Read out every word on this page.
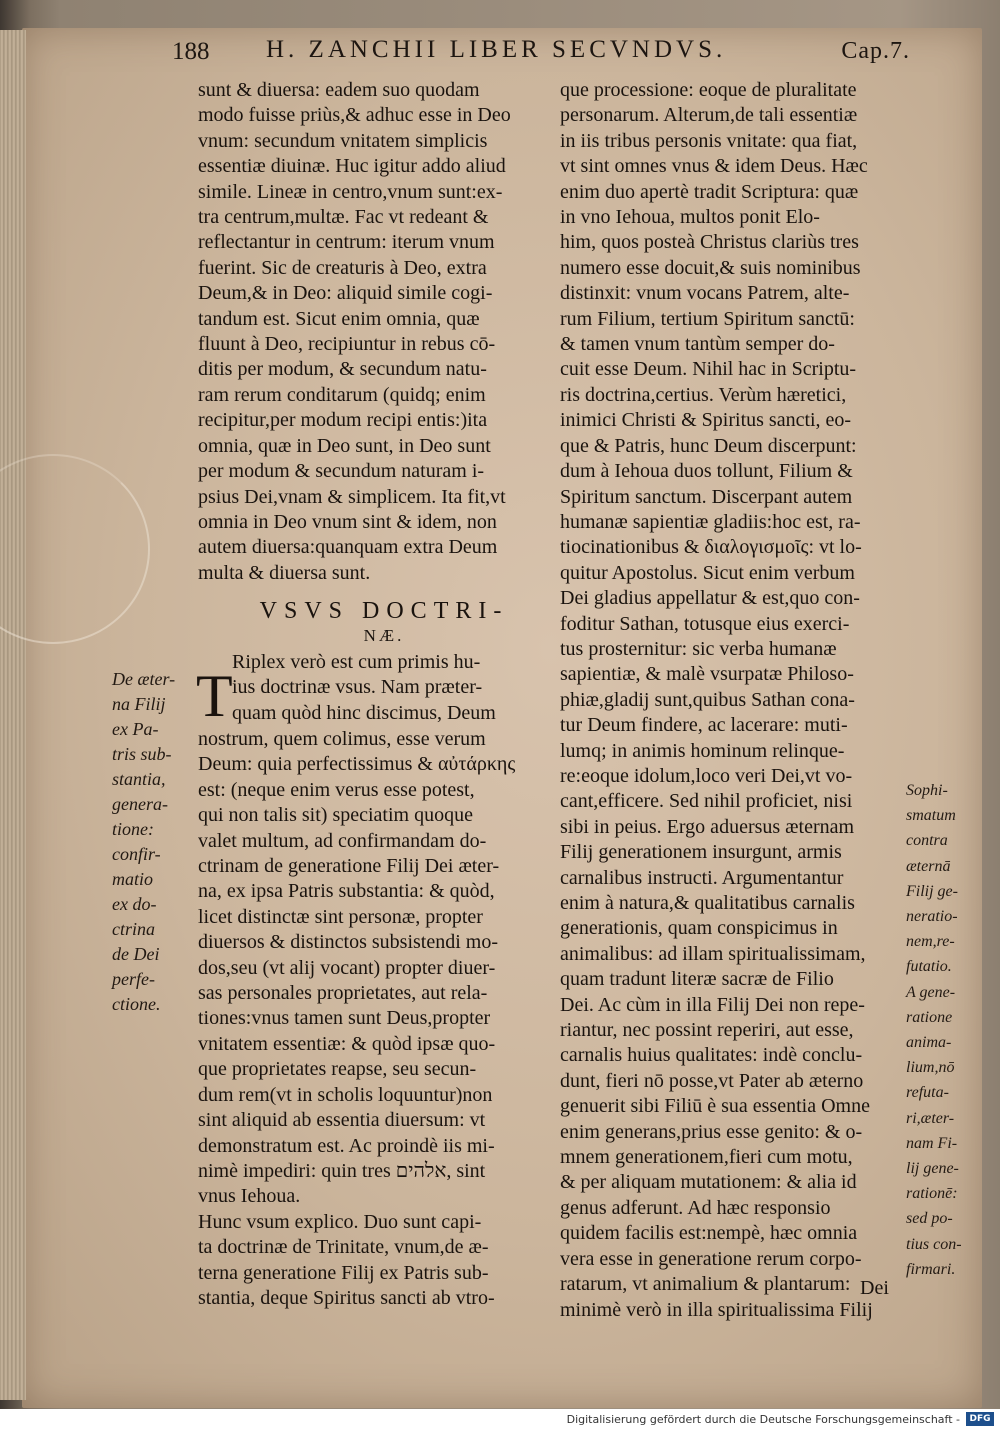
188 H. ZANCHII LIBER SECVNDVS.	Cap.7.
sunt & diuersa: eadem suo quodam
modo fuisse priùs,& adhuc esse in Deo
vnum: secundum vnitatem simplicis
essentiæ diuinæ. Huc igitur addo aliud
simile. Lineæ in centro,vnum sunt:ex-
tra centrum,multæ. Fac vt redeant &
reflectantur in centrum: iterum vnum
fuerint. Sic de creaturis à Deo, extra
Deum,& in Deo: aliquid simile cogi-
tandum est. Sicut enim omnia, quæ
fluunt à Deo, recipiuntur in rebus cō-
ditis per modum, & secundum natu-
ram rerum conditarum (quidq; enim
recipitur,per modum recipi entis:)ita
omnia, quæ in Deo sunt, in Deo sunt
per modum & secundum naturam i-
psius Dei,vnam & simplicem. Ita fit,vt
omnia in Deo vnum sint & idem, non
autem diuersa:quanquam extra Deum
multa & diuersa sunt.
VSVS DOCTRI-
NÆ.
T
Riplex verò est cum primis hu-
ius doctrinæ vsus. Nam præter-
quam quòd hinc discimus, Deum
nostrum, quem colimus, esse verum
Deum: quia perfectissimus & αὐτάρκης
est: (neque enim verus esse potest,
qui non talis sit) speciatim quoque
valet multum, ad confirmandam do-
ctrinam de generatione Filij Dei æter-
na, ex ipsa Patris substantia: & quòd,
licet distinctæ sint personæ, propter
diuersos & distinctos subsistendi mo-
dos,seu (vt alij vocant) propter diuer-
sas personales proprietates, aut rela-
tiones:vnus tamen sunt Deus,propter
vnitatem essentiæ: & quòd ipsæ quo-
que proprietates reapse, seu secun-
dum rem(vt in scholis loquuntur)non
sint aliquid ab essentia diuersum: vt
demonstratum est. Ac proindè iis mi-
nimè impediri: quin tres אלהים, sint
vnus Iehoua.
Hunc vsum explico. Duo sunt capi-
ta doctrinæ de Trinitate, vnum,de æ-
terna generatione Filij ex Patris sub-
stantia, deque Spiritus sancti ab vtro-
De æter-
na Filij
ex Pa-
tris sub-
stantia,
genera-
tione:
confir-
matio
ex do-
ctrina
de Dei
perfe-
ctione.
que processione: eoque de pluralitate
personarum. Alterum,de tali essentiæ
in iis tribus personis vnitate: qua fiat,
vt sint omnes vnus & idem Deus. Hæc
enim duo apertè tradit Scriptura: quæ
in vno Iehoua, multos ponit Elo-
him, quos posteà Christus clariùs tres
numero esse docuit,& suis nominibus
distinxit: vnum vocans Patrem, alte-
rum Filium, tertium Spiritum sanctū:
& tamen vnum tantùm semper do-
cuit esse Deum. Nihil hac in Scriptu-
ris doctrina,certius. Verùm hæretici,
inimici Christi & Spiritus sancti, eo-
que & Patris, hunc Deum discerpunt:
dum à Iehoua duos tollunt, Filium &
Spiritum sanctum. Discerpant autem
humanæ sapientiæ gladiis:hoc est, ra-
tiocinationibus & διαλογισμοῖς: vt lo-
quitur Apostolus. Sicut enim verbum
Dei gladius appellatur & est,quo con-
foditur Sathan, totusque eius exerci-
tus prosternitur: sic verba humanæ
sapientiæ, & malè vsurpatæ Philoso-
phiæ,gladij sunt,quibus Sathan cona-
tur Deum findere, ac lacerare: muti-
lumq; in animis hominum relinque-
re:eoque idolum,loco veri Dei,vt vo-
cant,efficere. Sed nihil proficiet, nisi
sibi in peius. Ergo aduersus æternam
Filij generationem insurgunt, armis
carnalibus instructi. Argumentantur
enim à natura,& qualitatibus carnalis
generationis, quam conspicimus in
animalibus: ad illam spiritualissimam,
quam tradunt literæ sacræ de Filio
Dei. Ac cùm in illa Filij Dei non repe-
riantur, nec possint reperiri, aut esse,
carnalis huius qualitates: indè conclu-
dunt, fieri nō posse,vt Pater ab æterno
genuerit sibi Filiū è sua essentia Omne
enim generans,prius esse genito: & o-
mnem generationem,fieri cum motu,
& per aliquam mutationem: & alia id
genus adferunt. Ad hæc responsio
quidem facilis est:nempè, hæc omnia
vera esse in generatione rerum corpo-
ratarum, vt animalium & plantarum:
minimè verò in illa spiritualissima Filij
Sophi-
smatum
contra
æternā
Filij ge-
neratio-
nem,re-
futatio.
A gene-
ratione
anima-
lium,nō
refuta-
ri,æter-
nam Fi-
lij gene-
rationē:
sed po-
tius con-
firmari.
Dei
Digitalisierung gefördert durch die Deutsche Forschungsgemeinschaft -	DFG
